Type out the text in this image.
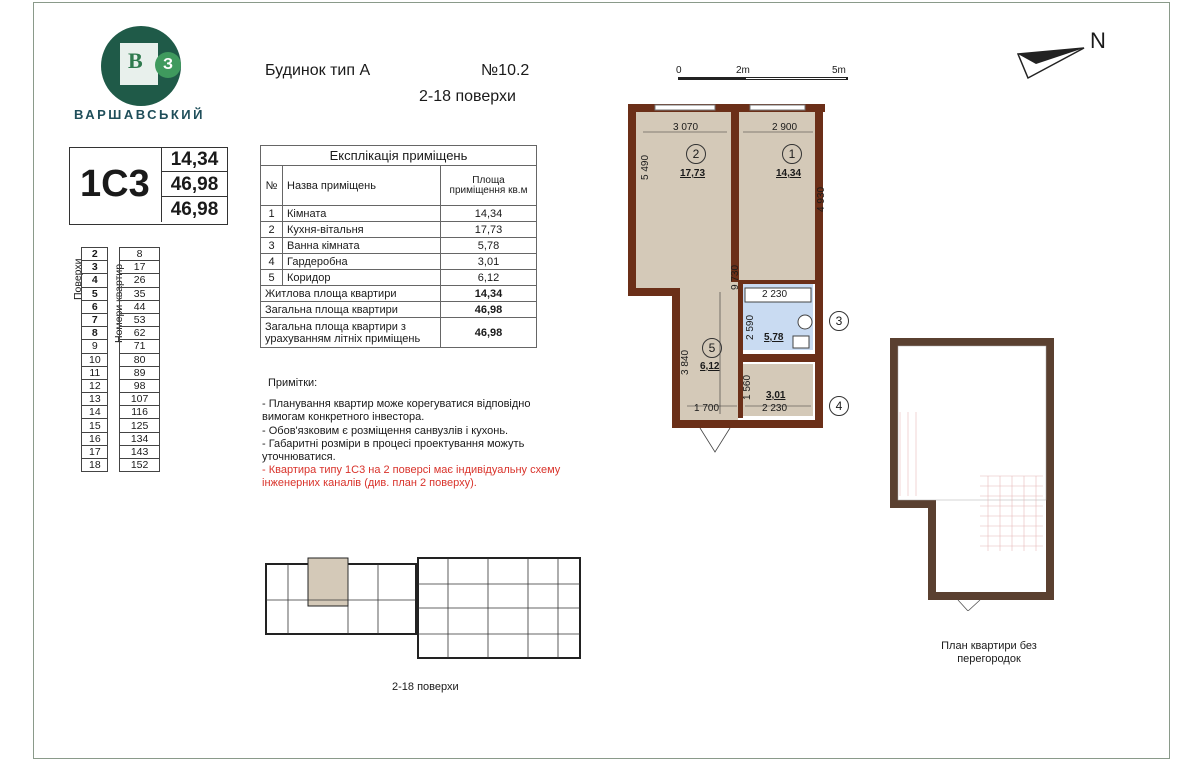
В	З
ВАРШАВСЬКИЙ
Будинок тип А	№10.2
2-18 поверхи
1С3
14,34
46,98
46,98
Поверхи	Номери квартир
	2		8
	3		17
	4		26
	5		35
	6		44
	7		53
	8		62
	9		71
	10		80
	11		89
	12		98
	13		107
	14		116
	15		125
	16		134
	17		143
	18		152
Експлікація приміщень		
№	Назва приміщень	Площа приміщення кв.м
1	Кімната	14,34
2	Кухня-вітальня	17,73
3	Ванна кімната	5,78
4	Гардеробна	3,01
5	Коридор	6,12
Житлова площа квартири		14,34
Загальна площа квартири		46,98
Загальна площа квартири з урахуванням літніх приміщень		46,98
Примітки:
- Планування квартир може корегуватися відповідно вимогам конкретного інвестора.
- Обов'язковим є розміщення санвузлів і кухонь.
- Габаритні розміри в процесі проектування можуть уточнюватися.
- Квартира типу 1С3 на 2 поверсі має індивідуальну схему інженерних каналів (див. план 2 поверху).
0	2m	5m
N
3 070	2 900
5 490
4 930
9 730
2 230
2 590
3 840
1 560
1 700	2 230
2
17,73
1
14,34
3
5,78
5
6,12
4
3,01
План квартири без перегородок
2-18 поверхи
